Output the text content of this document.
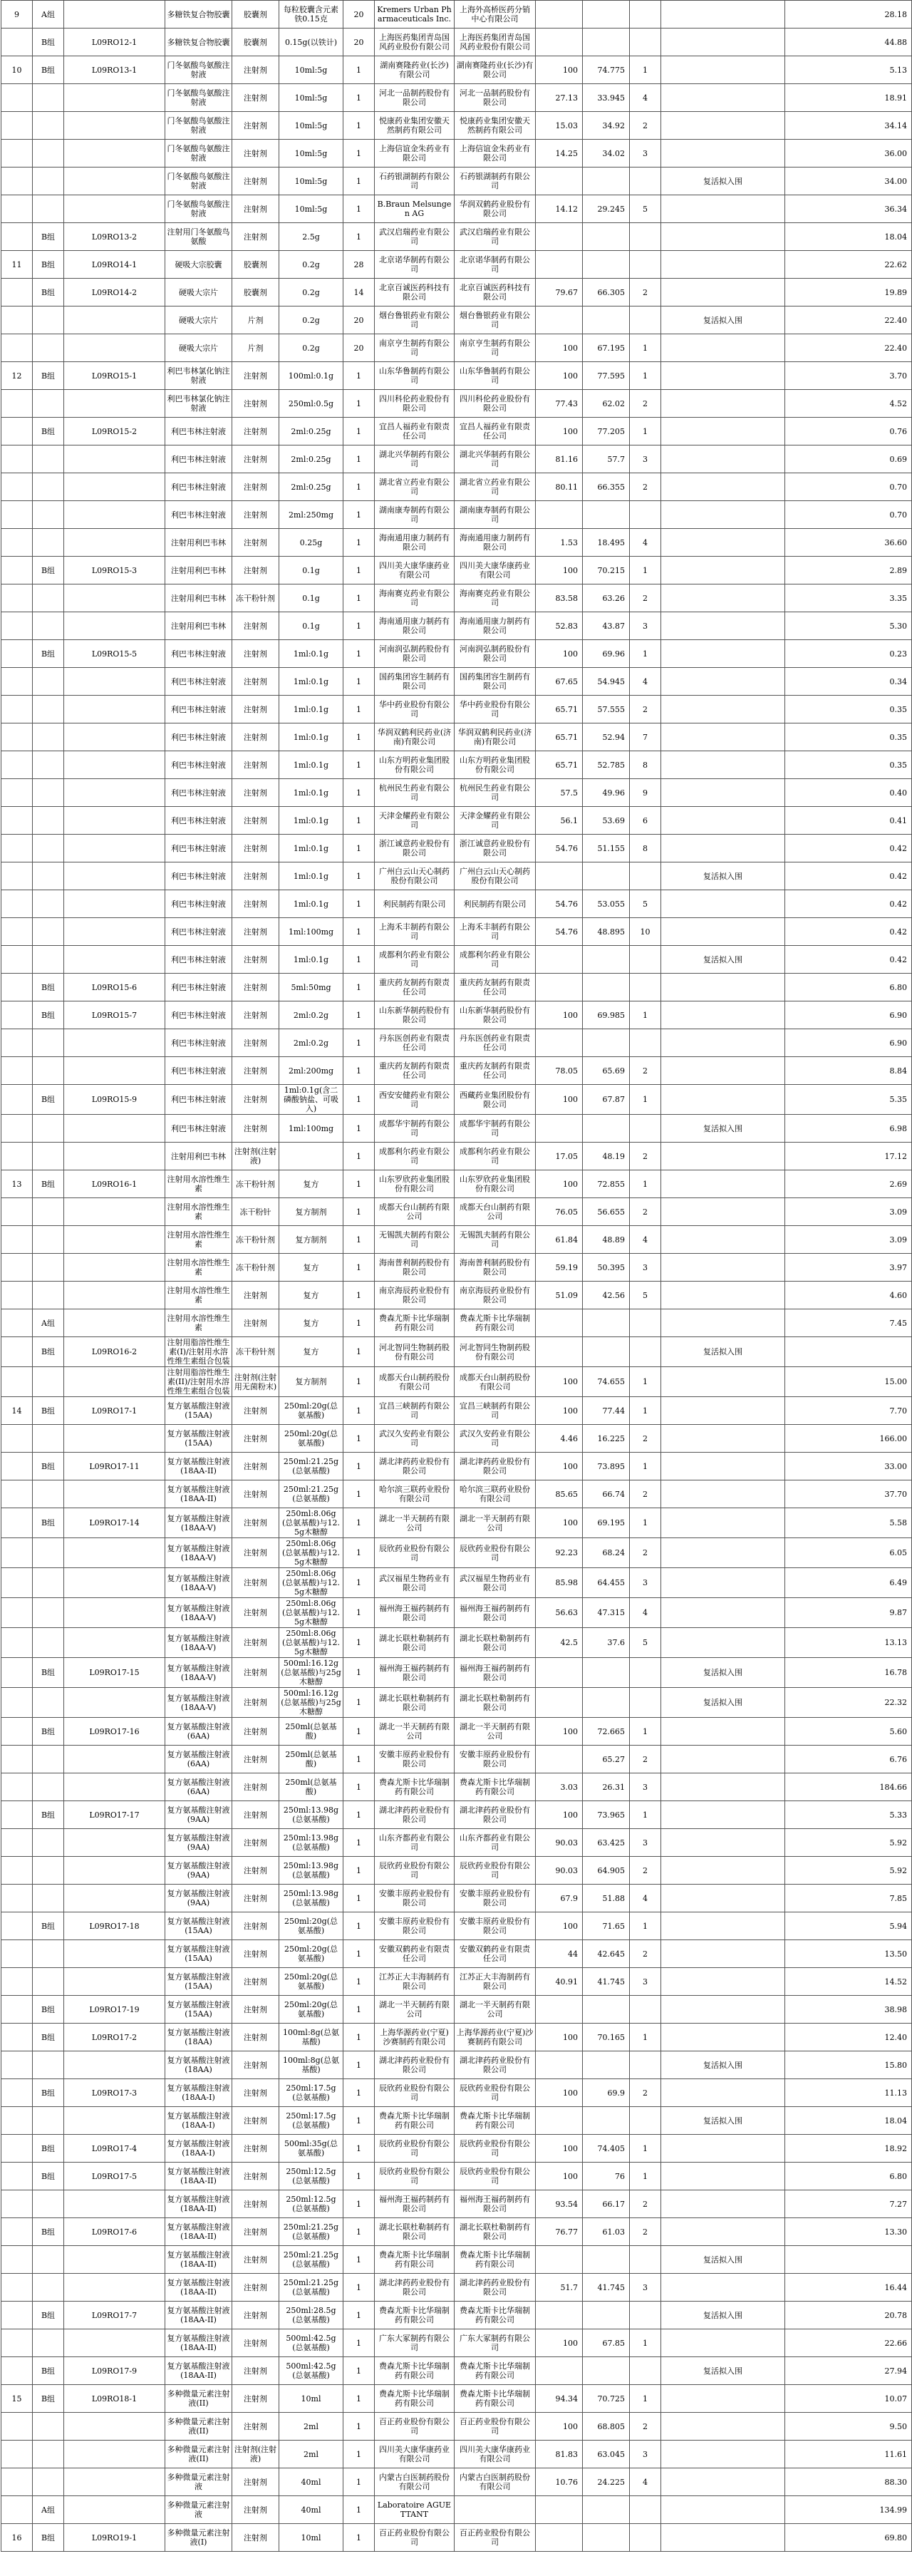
9	A组		多糖铁复合物胶囊	胶囊剂	每粒胶囊含元素铁0.15克	20	Kremers Urban Pharmaceuticals Inc.	上海外高桥医药分销中心有限公司					28.18
	B组	L09RO12-1	多糖铁复合物胶囊	胶囊剂	0.15g(以铁计)	20	上海医药集团青岛国风药业股份有限公司	上海医药集团青岛国风药业股份有限公司					44.88
10	B组	L09RO13-1	门冬氨酸鸟氨酸注射液	注射剂	10ml:5g	1	湖南赛隆药业(长沙)有限公司	湖南赛隆药业(长沙)有限公司	100	74.775	1		5.13
			门冬氨酸鸟氨酸注射液	注射剂	10ml:5g	1	河北一品制药股份有限公司	河北一品制药股份有限公司	27.13	33.945	4		18.91
			门冬氨酸鸟氨酸注射液	注射剂	10ml:5g	1	悦康药业集团安徽天然制药有限公司	悦康药业集团安徽天然制药有限公司	15.03	34.92	2		34.14
			门冬氨酸鸟氨酸注射液	注射剂	10ml:5g	1	上海信谊金朱药业有限公司	上海信谊金朱药业有限公司	14.25	34.02	3		36.00
			门冬氨酸鸟氨酸注射液	注射剂	10ml:5g	1	石药银湖制药有限公司	石药银湖制药有限公司				复活拟入围	34.00
			门冬氨酸鸟氨酸注射液	注射剂	10ml:5g	1	B.Braun Melsungen AG	华润双鹤药业股份有限公司	14.12	29.245	5		36.34
	B组	L09RO13-2	注射用门冬氨酸鸟氨酸	注射剂	2.5g	1	武汉启瑞药业有限公司	武汉启瑞药业有限公司					18.04
11	B组	L09RO14-1	硬吸大宗胶囊	胶囊剂	0.2g	28	北京诺华制药有限公司	北京诺华制药有限公司					22.62
	B组	L09RO14-2	硬吸大宗片	胶囊剂	0.2g	14	北京百诚医药科技有限公司	北京百诚医药科技有限公司	79.67	66.305	2		19.89
			硬吸大宗片	片剂	0.2g	20	烟台鲁银药业有限公司	烟台鲁银药业有限公司				复活拟入围	22.40
			硬吸大宗片	片剂	0.2g	20	南京亨生制药有限公司	南京亨生制药有限公司	100	67.195	1		22.40
12	B组	L09RO15-1	利巴韦林氯化钠注射液	注射剂	100ml:0.1g	1	山东华鲁制药有限公司	山东华鲁制药有限公司	100	77.595	1		3.70
			利巴韦林氯化钠注射液	注射剂	250ml:0.5g	1	四川科伦药业股份有限公司	四川科伦药业股份有限公司	77.43	62.02	2		4.52
	B组	L09RO15-2	利巴韦林注射液	注射剂	2ml:0.25g	1	宜昌人福药业有限责任公司	宜昌人福药业有限责任公司	100	77.205	1		0.76
			利巴韦林注射液	注射剂	2ml:0.25g	1	湖北兴华制药有限公司	湖北兴华制药有限公司	81.16	57.7	3		0.69
			利巴韦林注射液	注射剂	2ml:0.25g	1	湖北省立药业有限公司	湖北省立药业有限公司	80.11	66.355	2		0.70
			利巴韦林注射液	注射剂	2ml:250mg	1	湖南康寿制药有限公司	湖南康寿制药有限公司					0.70
			注射用利巴韦林	注射剂	0.25g	1	海南通用康力制药有限公司	海南通用康力制药有限公司	1.53	18.495	4		36.60
	B组	L09RO15-3	注射用利巴韦林	注射剂	0.1g	1	四川美大康华康药业有限公司	四川美大康华康药业有限公司	100	70.215	1		2.89
			注射用利巴韦林	冻干粉针剂	0.1g	1	海南赛克药业有限公司	海南赛克药业有限公司	83.58	63.26	2		3.35
			注射用利巴韦林	注射剂	0.1g	1	海南通用康力制药有限公司	海南通用康力制药有限公司	52.83	43.87	3		5.30
	B组	L09RO15-5	利巴韦林注射液	注射剂	1ml:0.1g	1	河南润弘制药股份有限公司	河南润弘制药股份有限公司	100	69.96	1		0.23
			利巴韦林注射液	注射剂	1ml:0.1g	1	国药集团容生制药有限公司	国药集团容生制药有限公司	67.65	54.945	4		0.34
			利巴韦林注射液	注射剂	1ml:0.1g	1	华中药业股份有限公司	华中药业股份有限公司	65.71	57.555	2		0.35
			利巴韦林注射液	注射剂	1ml:0.1g	1	华润双鹤利民药业(济南)有限公司	华润双鹤利民药业(济南)有限公司	65.71	52.94	7		0.35
			利巴韦林注射液	注射剂	1ml:0.1g	1	山东方明药业集团股份有限公司	山东方明药业集团股份有限公司	65.71	52.785	8		0.35
			利巴韦林注射液	注射剂	1ml:0.1g	1	杭州民生药业有限公司	杭州民生药业有限公司	57.5	49.96	9		0.40
			利巴韦林注射液	注射剂	1ml:0.1g	1	天津金耀药业有限公司	天津金耀药业有限公司	56.1	53.69	6		0.41
			利巴韦林注射液	注射剂	1ml:0.1g	1	浙江诚意药业股份有限公司	浙江诚意药业股份有限公司	54.76	51.155	8		0.42
			利巴韦林注射液	注射剂	1ml:0.1g	1	广州白云山天心制药股份有限公司	广州白云山天心制药股份有限公司				复活拟入围	0.42
			利巴韦林注射液	注射剂	1ml:0.1g	1	利民制药有限公司	利民制药有限公司	54.76	53.055	5		0.42
			利巴韦林注射液	注射剂	1ml:100mg	1	上海禾丰制药有限公司	上海禾丰制药有限公司	54.76	48.895	10		0.42
			利巴韦林注射液	注射剂	1ml:0.1g	1	成都利尔药业有限公司	成都利尔药业有限公司				复活拟入围	0.42
	B组	L09RO15-6	利巴韦林注射液	注射剂	5ml:50mg	1	重庆药友制药有限责任公司	重庆药友制药有限责任公司					6.80
	B组	L09RO15-7	利巴韦林注射液	注射剂	2ml:0.2g	1	山东新华制药股份有限公司	山东新华制药股份有限公司	100	69.985	1		6.90
			利巴韦林注射液	注射剂	2ml:0.2g	1	丹东医创药业有限责任公司	丹东医创药业有限责任公司					6.90
			利巴韦林注射液	注射剂	2ml:200mg	1	重庆药友制药有限责任公司	重庆药友制药有限责任公司	78.05	65.69	2		8.84
	B组	L09RO15-9	利巴韦林注射液	注射剂	1ml:0.1g(含二磷酸钠盐、可吸入)	1	西安安健药业有限公司	西藏药业集团股份有限公司	100	67.87	1		5.35
			利巴韦林注射液	注射剂	1ml:100mg	1	成都华宇制药有限公司	成都华宇制药有限公司				复活拟入围	6.98
			注射用利巴韦林	注射剂(注射液)		1	成都利尔药业有限公司	成都利尔药业有限公司	17.05	48.19	2		17.12
13	B组	L09RO16-1	注射用水溶性维生素	冻干粉针剂	复方	1	山东罗欣药业集团股份有限公司	山东罗欣药业集团股份有限公司	100	72.855	1		2.69
			注射用水溶性维生素	冻干粉针	复方制剂	1	成都天台山制药有限公司	成都天台山制药有限公司	76.05	56.655	2		3.09
			注射用水溶性维生素	冻干粉针剂	复方制剂	1	无锡凯夫制药有限公司	无锡凯夫制药有限公司	61.84	48.89	4		3.09
			注射用水溶性维生素	冻干粉针剂	复方	1	海南普利制药股份有限公司	海南普利制药股份有限公司	59.19	50.395	3		3.97
			注射用水溶性维生素	注射剂	复方	1	南京海辰药业股份有限公司	南京海辰药业股份有限公司	51.09	42.56	5		4.60
	A组		注射用水溶性维生素	注射剂	复方	1	费森尤斯卡比华瑞制药有限公司	费森尤斯卡比华瑞制药有限公司					7.45
	B组	L09RO16-2	注射用脂溶性维生素(I)/注射用水溶性维生素组合包装	冻干粉针剂	复方	1	河北智同生物制药股份有限公司	河北智同生物制药股份有限公司				复活拟入围	
			注射用脂溶性维生素(II)/注射用水溶性维生素组合包装	注射剂(注射用无菌粉末)	复方制剂	1	成都天台山制药股份有限公司	成都天台山制药股份有限公司	100	74.655	1		15.00
14	B组	L09RO17-1	复方氨基酸注射液(15AA)	注射剂	250ml:20g(总氨基酸)	1	宜昌三峡制药有限公司	宜昌三峡制药有限公司	100	77.44	1		7.70
			复方氨基酸注射液(15AA)	注射剂	250ml:20g(总氨基酸)	1	武汉久安药业有限公司	武汉久安药业有限公司	4.46	16.225	2		166.00
	B组	L09RO17-11	复方氨基酸注射液(18AA-II)	注射剂	250ml:21.25g(总氨基酸)	1	湖北津药药业股份有限公司	湖北津药药业股份有限公司	100	73.895	1		33.00
			复方氨基酸注射液(18AA-II)	注射剂	250ml:21.25g(总氨基酸)	1	哈尔滨三联药业股份有限公司	哈尔滨三联药业股份有限公司	85.65	66.74	2		37.70
	B组	L09RO17-14	复方氨基酸注射液(18AA-V)	注射剂	250ml:8.06g(总氨基酸)与12.5g木糖醇	1	湖北一半天制药有限公司	湖北一半天制药有限公司	100	69.195	1		5.58
			复方氨基酸注射液(18AA-V)	注射剂	250ml:8.06g(总氨基酸)与12.5g木糖醇	1	辰欣药业股份有限公司	辰欣药业股份有限公司	92.23	68.24	2		6.05
			复方氨基酸注射液(18AA-V)	注射剂	250ml:8.06g(总氨基酸)与12.5g木糖醇	1	武汉福星生物药业有限公司	武汉福星生物药业有限公司	85.98	64.455	3		6.49
			复方氨基酸注射液(18AA-V)	注射剂	250ml:8.06g(总氨基酸)与12.5g木糖醇	1	福州海王福药制药有限公司	福州海王福药制药有限公司	56.63	47.315	4		9.87
			复方氨基酸注射液(18AA-V)	注射剂	250ml:8.06g(总氨基酸)与12.5g木糖醇	1	湖北长联杜勒制药有限公司	湖北长联杜勒制药有限公司	42.5	37.6	5		13.13
	B组	L09RO17-15	复方氨基酸注射液(18AA-V)	注射剂	500ml:16.12g(总氨基酸)与25g木糖醇	1	福州海王福药制药有限公司	福州海王福药制药有限公司				复活拟入围	16.78
			复方氨基酸注射液(18AA-V)	注射剂	500ml:16.12g(总氨基酸)与25g木糖醇	1	湖北长联杜勒制药有限公司	湖北长联杜勒制药有限公司				复活拟入围	22.32
	B组	L09RO17-16	复方氨基酸注射液(6AA)	注射剂	250ml(总氨基酸)	1	湖北一半天制药有限公司	湖北一半天制药有限公司	100	72.665	1		5.60
			复方氨基酸注射液(6AA)	注射剂	250ml(总氨基酸)	1	安徽丰原药业股份有限公司	安徽丰原药业股份有限公司		65.27	2		6.76
			复方氨基酸注射液(6AA)	注射剂	250ml(总氨基酸)	1	费森尤斯卡比华瑞制药有限公司	费森尤斯卡比华瑞制药有限公司	3.03	26.31	3		184.66
	B组	L09RO17-17	复方氨基酸注射液(9AA)	注射剂	250ml:13.98g(总氨基酸)	1	湖北津药药业股份有限公司	湖北津药药业股份有限公司	100	73.965	1		5.33
			复方氨基酸注射液(9AA)	注射剂	250ml:13.98g(总氨基酸)	1	山东齐都药业有限公司	山东齐都药业有限公司	90.03	63.425	3		5.92
			复方氨基酸注射液(9AA)	注射剂	250ml:13.98g(总氨基酸)	1	辰欣药业股份有限公司	辰欣药业股份有限公司	90.03	64.905	2		5.92
			复方氨基酸注射液(9AA)	注射剂	250ml:13.98g(总氨基酸)	1	安徽丰原药业股份有限公司	安徽丰原药业股份有限公司	67.9	51.88	4		7.85
	B组	L09RO17-18	复方氨基酸注射液(15AA)	注射剂	250ml:20g(总氨基酸)	1	安徽丰原药业股份有限公司	安徽丰原药业股份有限公司	100	71.65	1		5.94
			复方氨基酸注射液(15AA)	注射剂	250ml:20g(总氨基酸)	1	安徽双鹤药业有限责任公司	安徽双鹤药业有限责任公司	44	42.645	2		13.50
			复方氨基酸注射液(15AA)	注射剂	250ml:20g(总氨基酸)	1	江苏正大丰海制药有限公司	江苏正大丰海制药有限公司	40.91	41.745	3		14.52
	B组	L09RO17-19	复方氨基酸注射液(15AA)	注射剂	250ml:20g(总氨基酸)	1	湖北一半天制药有限公司	湖北一半天制药有限公司					38.98
	B组	L09RO17-2	复方氨基酸注射液(18AA)	注射剂	100ml:8g(总氨基酸)	1	上海华源药业(宁夏)沙赛制药有限公司	上海华源药业(宁夏)沙赛制药有限公司	100	70.165	1		12.40
			复方氨基酸注射液(18AA)	注射剂	100ml:8g(总氨基酸)	1	湖北津药药业股份有限公司	湖北津药药业股份有限公司				复活拟入围	15.80
	B组	L09RO17-3	复方氨基酸注射液(18AA-I)	注射剂	250ml:17.5g(总氨基酸)	1	辰欣药业股份有限公司	辰欣药业股份有限公司	100	69.9	2		11.13
			复方氨基酸注射液(18AA-I)	注射剂	250ml:17.5g(总氨基酸)	1	费森尤斯卡比华瑞制药有限公司	费森尤斯卡比华瑞制药有限公司				复活拟入围	18.04
	B组	L09RO17-4	复方氨基酸注射液(18AA-I)	注射剂	500ml:35g(总氨基酸)	1	辰欣药业股份有限公司	辰欣药业股份有限公司	100	74.405	1		18.92
	B组	L09RO17-5	复方氨基酸注射液(18AA-II)	注射剂	250ml:12.5g(总氨基酸)	1	辰欣药业股份有限公司	辰欣药业股份有限公司	100	76	1		6.80
			复方氨基酸注射液(18AA-II)	注射剂	250ml:12.5g(总氨基酸)	1	福州海王福药制药有限公司	福州海王福药制药有限公司	93.54	66.17	2		7.27
	B组	L09RO17-6	复方氨基酸注射液(18AA-II)	注射剂	250ml:21.25g(总氨基酸)	1	湖北长联杜勒制药有限公司	湖北长联杜勒制药有限公司	76.77	61.03	2		13.30
			复方氨基酸注射液(18AA-II)	注射剂	250ml:21.25g(总氨基酸)	1	费森尤斯卡比华瑞制药有限公司	费森尤斯卡比华瑞制药有限公司				复活拟入围	
			复方氨基酸注射液(18AA-II)	注射剂	250ml:21.25g(总氨基酸)	1	湖北津药药业股份有限公司	湖北津药药业股份有限公司	51.7	41.745	3		16.44
	B组	L09RO17-7	复方氨基酸注射液(18AA-II)	注射剂	250ml:28.5g(总氨基酸)	1	费森尤斯卡比华瑞制药有限公司	费森尤斯卡比华瑞制药有限公司				复活拟入围	20.78
			复方氨基酸注射液(18AA-II)	注射剂	500ml:42.5g(总氨基酸)	1	广东大冢制药有限公司	广东大冢制药有限公司	100	67.85	1		22.66
	B组	L09RO17-9	复方氨基酸注射液(18AA-II)	注射剂	500ml:42.5g(总氨基酸)	1	费森尤斯卡比华瑞制药有限公司	费森尤斯卡比华瑞制药有限公司				复活拟入围	27.94
15	B组	L09RO18-1	多种微量元素注射液(II)	注射剂	10ml	1	费森尤斯卡比华瑞制药有限公司	费森尤斯卡比华瑞制药有限公司	94.34	70.725	1		10.07
			多种微量元素注射液(II)	注射剂	2ml	1	百正药业股份有限公司	百正药业股份有限公司	100	68.805	2		9.50
			多种微量元素注射液(II)	注射剂(注射液)	2ml	1	四川美大康华康药业有限公司	四川美大康华康药业有限公司	81.83	63.045	3		11.61
			多种微量元素注射液	注射剂	40ml	1	内蒙古白医制药股份有限公司	内蒙古白医制药股份有限公司	10.76	24.225	4		88.30
	A组		多种微量元素注射液	注射剂	40ml	1	Laboratoire AGUETTANT						134.99
16	B组	L09RO19-1	多种微量元素注射液(I)	注射剂	10ml	1	百正药业股份有限公司	百正药业股份有限公司					69.80
